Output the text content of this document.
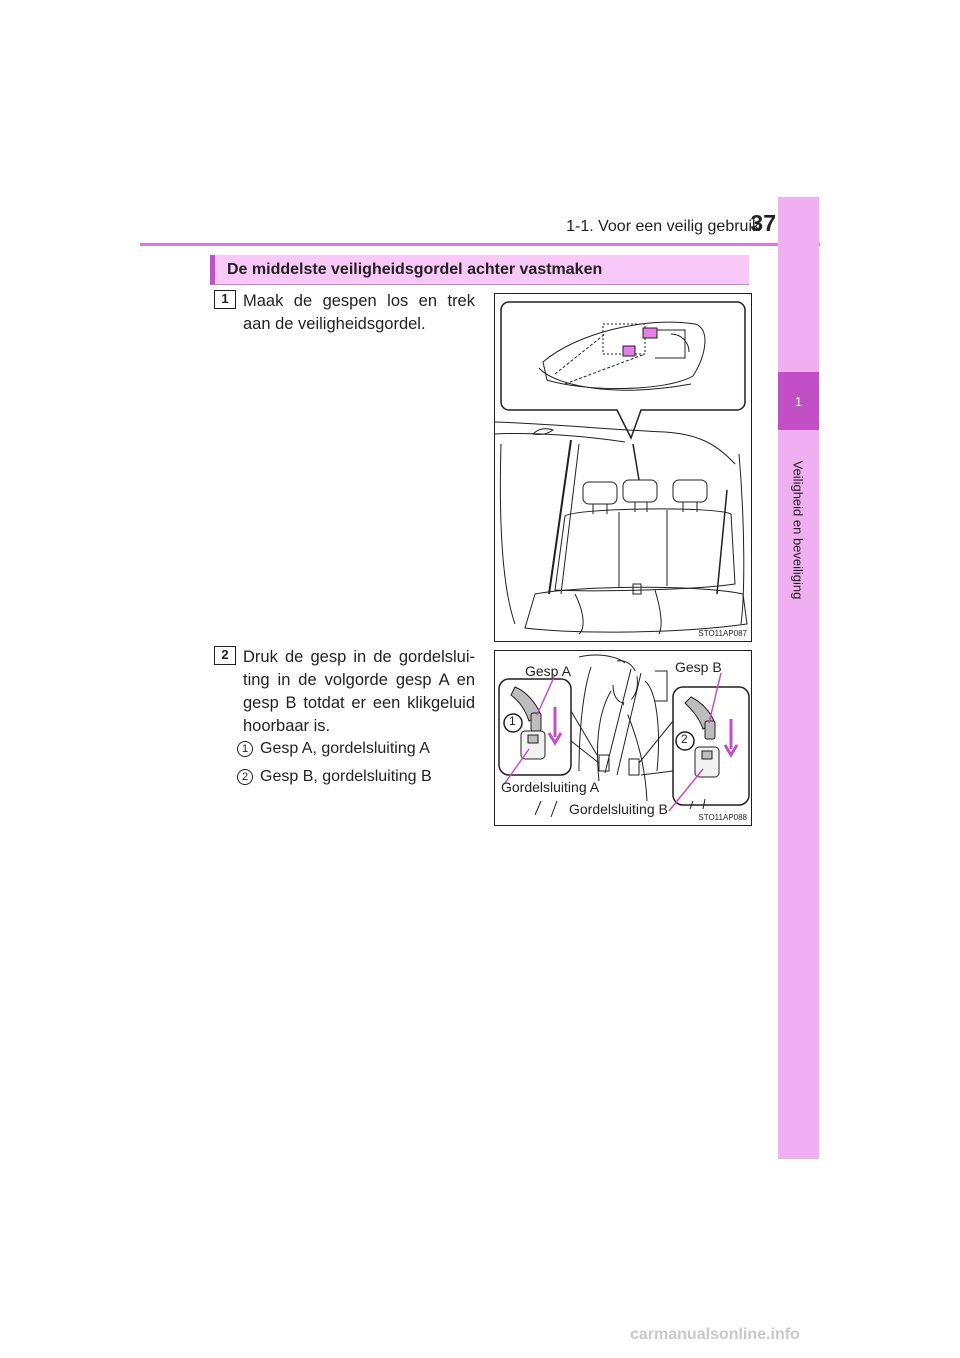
1-1. Voor een veilig gebruik
37
1
Veiligheid en beveiliging
De middelste veiligheidsgordel achter vastmaken
1 Maak de gespen los en trek aan de veiligheidsgordel.
2 Druk de gesp in de gordelslui-ting in de volgorde gesp A en gesp B totdat er een klikgeluid hoorbaar is.
1 Gesp A, gordelsluiting A
2 Gesp B, gordelsluiting B
STO11AP087
Gesp A	Gesp B
Gordelsluiting A
Gordelsluiting B
1
2
STO11AP088
carmanualsonline.info
